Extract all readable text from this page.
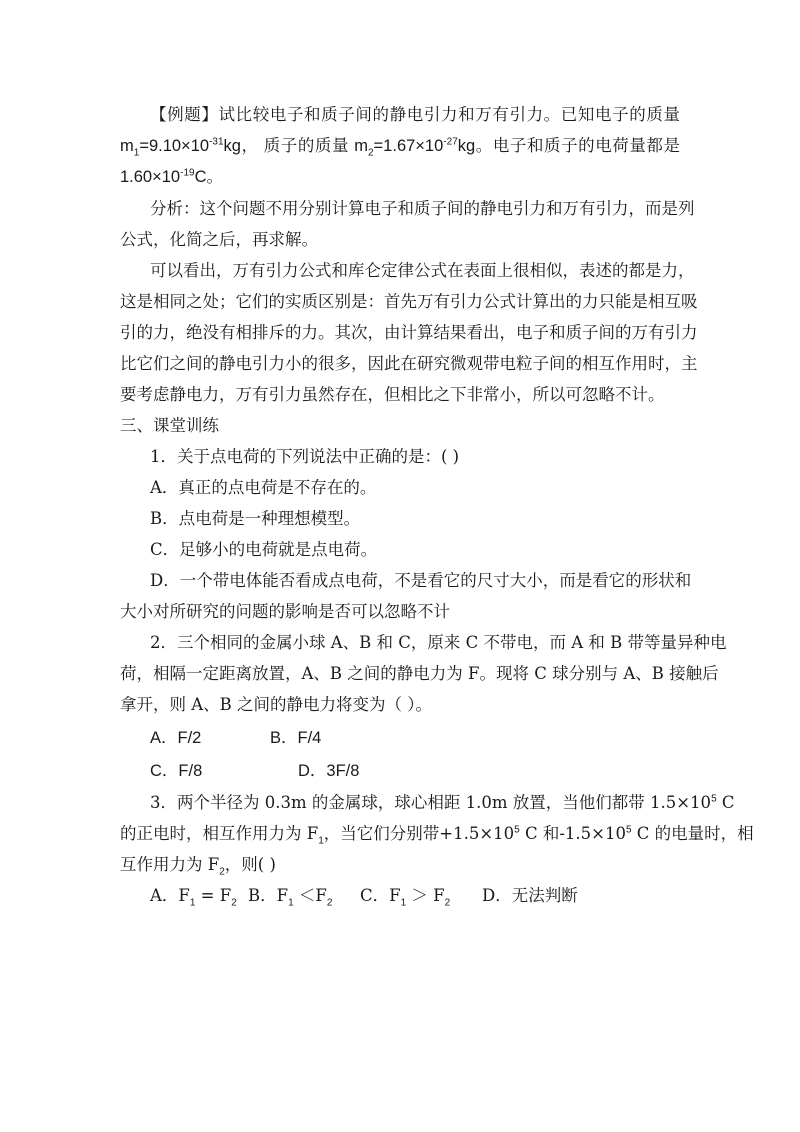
【例题】试比较电子和质子间的静电引力和万有引力。已知电子的质量
$m_1=9.10\times 10^{-31}kg$， 质子的质量 $m_2=1.67\times 10^{-27}kg$。电子和质子的电荷量都是
$1.60\times 10^{-19}C$。
分析：这个问题不用分别计算电子和质子间的静电引力和万有引力，而是列
公式，化简之后，再求解。
可以看出，万有引力公式和库仑定律公式在表面上很相似，表述的都是力，
这是相同之处；它们的实质区别是：首先万有引力公式计算出的力只能是相互吸
引的力，绝没有相排斥的力。其次，由计算结果看出，电子和质子间的万有引力
比它们之间的静电引力小的很多，因此在研究微观带电粒子间的相互作用时，主
要考虑静电力，万有引力虽然存在，但相比之下非常小，所以可忽略不计。
三、课堂训练
1．关于点电荷的下列说法中正确的是：( )
A．真正的点电荷是不存在的。
B．点电荷是一种理想模型。
C．足够小的电荷就是点电荷。
D．一个带电体能否看成点电荷，不是看它的尺寸大小，而是看它的形状和
大小对所研究的问题的影响是否可以忽略不计
2．三个相同的金属小球 A、B 和 C，原来 C 不带电，而 A 和 B 带等量异种电
荷，相隔一定距离放置，A、B 之间的静电力为 F。现将 C 球分别与 A、B 接触后
拿开，则 A、B 之间的静电力将变为（ ）。
A．F/2	B．F/4
C．F/8	D．3F/8
3．两个半径为 0.3m 的金属球，球心相距 1.0m 放置，当他们都带 $1.5\times 10^5$ C
的正电时，相互作用力为 $F_1$，当它们分别带$+1.5\times 10^5$ C 和$-1.5\times 10^5$ C 的电量时，相
互作用力为 $F_2$，则( )
A．$F_1 = F_2$ B．$F_1 <F_2$ C．$F_1 > F_2$ D．无法判断
